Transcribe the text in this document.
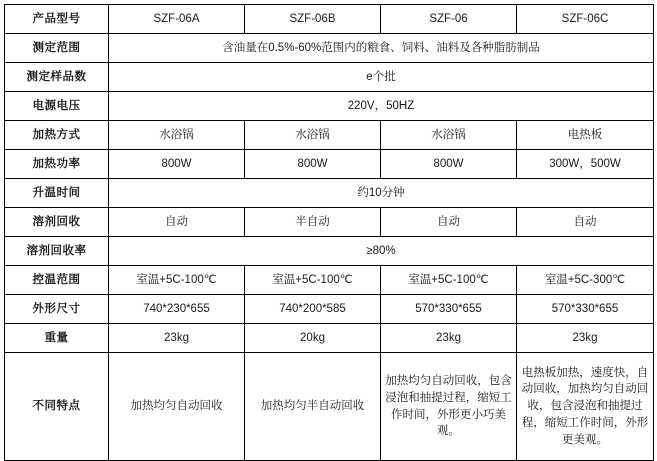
产品型号	SZF-06A	SZF-06B	SZF-06	SZF-06C
测定范围	含油量在0.5%-60%范围内的粮食、饲料、油料及各种脂肪制品			
测定样品数	e个批			
电源电压	220V，50HZ			
加热方式	水浴锅	水浴锅	水浴锅	电热板
加热功率	800W	800W	800W	300W，500W
升温时间	约10分钟			
溶剂回收	自动	半自动	自动	自动
溶剂回收率	≥80%			
控温范围	室温+5C-100℃	室温+5C-100℃	室温+5C-100℃	室温+5C-300℃
外形尺寸	740*230*655	740*200*585	570*330*655	570*330*655
重量	23kg	20kg	23kg	23kg
不同特点	加热均匀自动回收	加热均匀半自动回收	加热均匀自动回收，包含浸泡和抽提过程，缩短工作时间，外形更小巧美观。	电热板加热，速度快，自动回收，加热均匀自动回收，包含浸泡和抽提过程，缩短工作时间，外形更美观。
